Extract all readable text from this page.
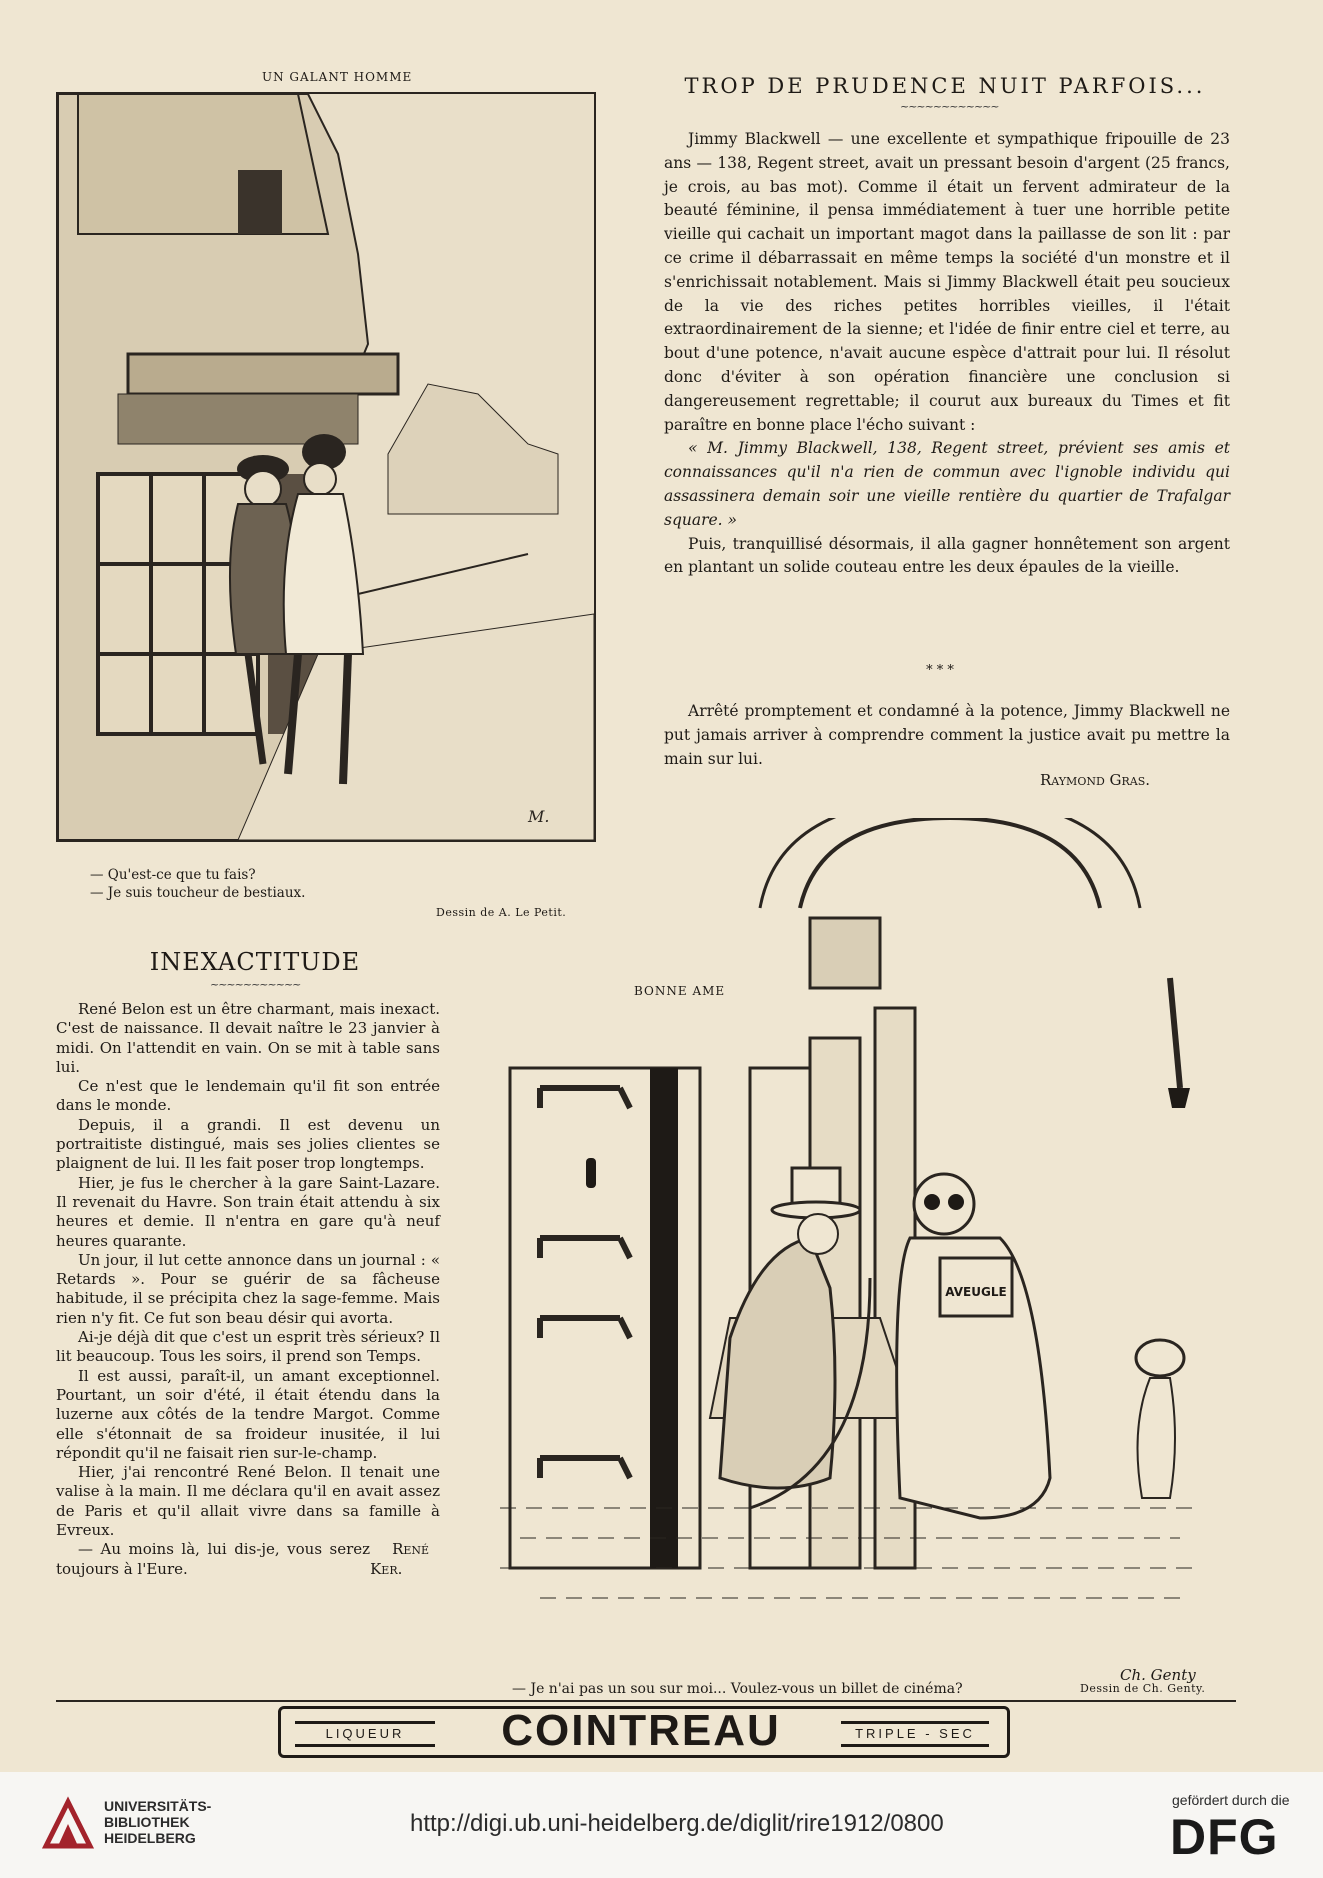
UN GALANT HOMME
M.
— Qu'est-ce que tu fais?
— Je suis toucheur de bestiaux.
Dessin de A. Le Petit.
TROP DE PRUDENCE NUIT PARFOIS...
~~~~~~~~~~~~

Jimmy Blackwell — une excellente et sympathique fripouille de 23 ans — 138, Regent street, avait un pressant besoin d'argent (25 francs, je crois, au bas mot). Comme il était un fervent admirateur de la beauté féminine, il pensa immédiatement à tuer une horrible petite vieille qui cachait un important magot dans la paillasse de son lit : par ce crime il débarrassait en même temps la société d'un monstre et il s'enrichissait notablement. Mais si Jimmy Blackwell était peu soucieux de la vie des riches petites horribles vieilles, il l'était extraordinairement de la sienne; et l'idée de finir entre ciel et terre, au bout d'une potence, n'avait aucune espèce d'attrait pour lui. Il résolut donc d'éviter à son opération financière une conclusion si dangereusement regrettable; il courut aux bureaux du Times et fit paraître en bonne place l'écho suivant :

« M. Jimmy Blackwell, 138, Regent street, prévient ses amis et connaissances qu'il n'a rien de commun avec l'ignoble individu qui assassinera demain soir une vieille rentière du quartier de Trafalgar square. »

Puis, tranquillisé désormais, il alla gagner honnêtement son argent en plantant un solide couteau entre les deux épaules de la vieille.

* * *

Arrêté promptement et condamné à la potence, Jimmy Blackwell ne put jamais arriver à comprendre comment la justice avait pu mettre la main sur lui.

Raymond Gras.
INEXACTITUDE
~~~~~~~~~~~

René Belon est un être charmant, mais inexact. C'est de naissance. Il devait naître le 23 janvier à midi. On l'attendit en vain. On se mit à table sans lui.

Ce n'est que le lendemain qu'il fit son entrée dans le monde.

Depuis, il a grandi. Il est devenu un portraitiste distingué, mais ses jolies clientes se plaignent de lui. Il les fait poser trop longtemps.

Hier, je fus le chercher à la gare Saint-Lazare. Il revenait du Havre. Son train était attendu à six heures et demie. Il n'entra en gare qu'à neuf heures quarante.

Un jour, il lut cette annonce dans un journal : « Retards ». Pour se guérir de sa fâcheuse habitude, il se précipita chez la sage-femme. Mais rien n'y fit. Ce fut son beau désir qui avorta.

Ai-je déjà dit que c'est un esprit très sérieux? Il lit beaucoup. Tous les soirs, il prend son Temps.

Il est aussi, paraît-il, un amant exceptionnel. Pourtant, un soir d'été, il était étendu dans la luzerne aux côtés de la tendre Margot. Comme elle s'étonnait de sa froideur inusitée, il lui répondit qu'il ne faisait rien sur-le-champ.

Hier, j'ai rencontré René Belon. Il tenait une valise à la main. Il me déclara qu'il en avait assez de Paris et qu'il allait vivre dans sa famille à Evreux.

— Au moins là, lui dis-je, vous serez toujours à l'Eure.
René Ker.

BONNE AME
AVEUGLE
Ch. Genty
— Je n'ai pas un sou sur moi... Voulez-vous un billet de cinéma?	Dessin de Ch. Genty.
LIQUEUR	COINTREAU	TRIPLE - SEC
UNIVERSITÄTS-
BIBLIOTHEK
HEIDELBERG
http://digi.ub.uni-heidelberg.de/diglit/rire1912/0800
gefördert durch die
DFG
